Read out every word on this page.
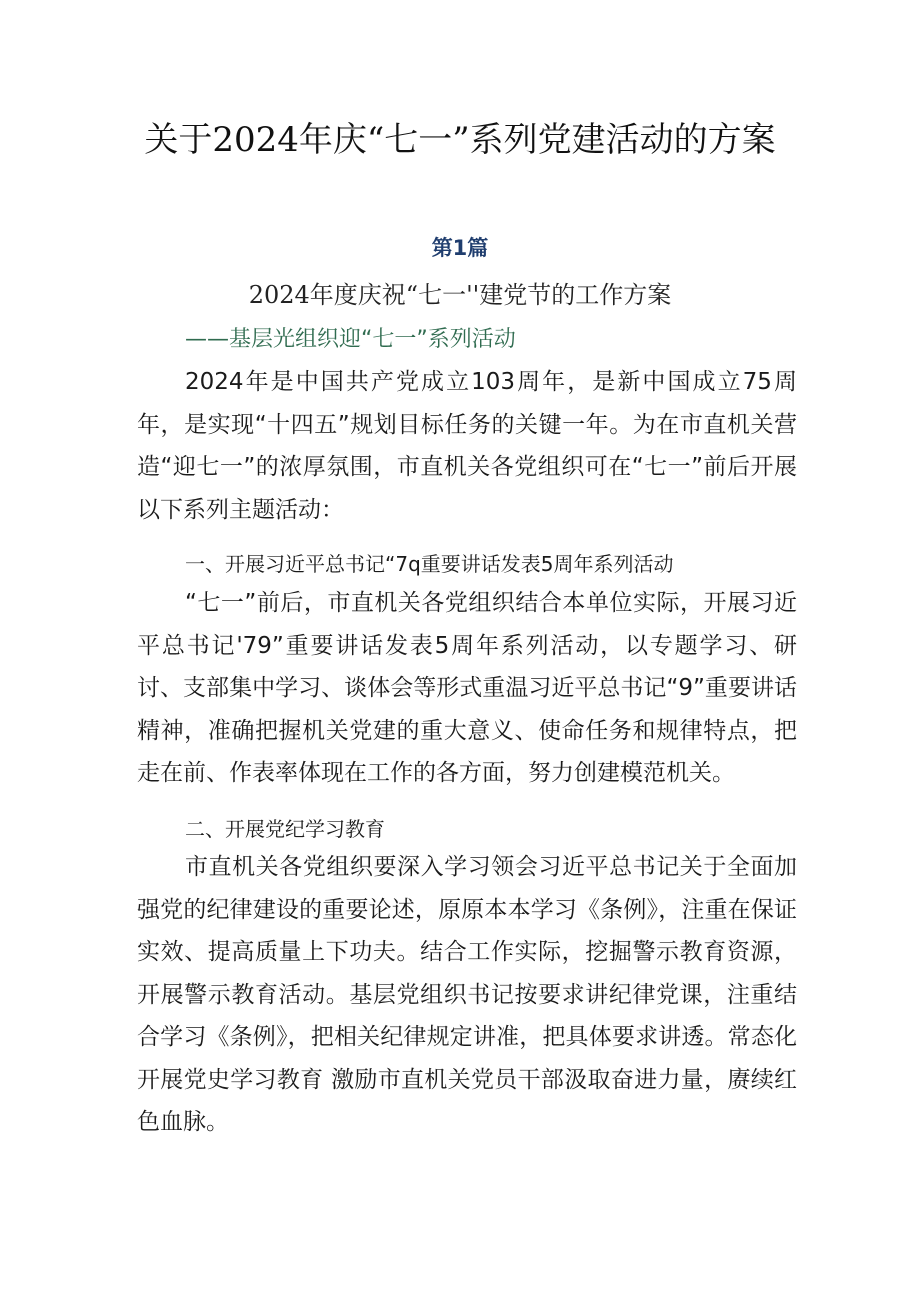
关于2024年庆“七一”系列党建活动的方案
第1篇
2024年度庆祝“七一''建党节的工作方案
——基层光组织迎“七一”系列活动

2024年是中国共产党成立103周年，是新中国成立75周年，是实现“十四五”规划目标任务的关键一年。为在市直机关营造“迎七一”的浓厚氛围，市直机关各党组织可在“七一”前后开展以下系列主题活动：

一、开展习近平总书记“7q重要讲话发表5周年系列活动

“七一”前后，市直机关各党组织结合本单位实际，开展习近平总书记'79”重要讲话发表5周年系列活动，以专题学习、研讨、支部集中学习、谈体会等形式重温习近平总书记“9”重要讲话精神，准确把握机关党建的重大意义、使命任务和规律特点，把走在前、作表率体现在工作的各方面，努力创建模范机关。

二、开展党纪学习教育

市直机关各党组织要深入学习领会习近平总书记关于全面加强党的纪律建设的重要论述，原原本本学习《条例》，注重在保证实效、提高质量上下功夫。结合工作实际，挖掘警示教育资源，开展警示教育活动。基层党组织书记按要求讲纪律党课，注重结合学习《条例》，把相关纪律规定讲准，把具体要求讲透。常态化开展党史学习教育 激励市直机关党员干部汲取奋进力量，赓续红色血脉。
